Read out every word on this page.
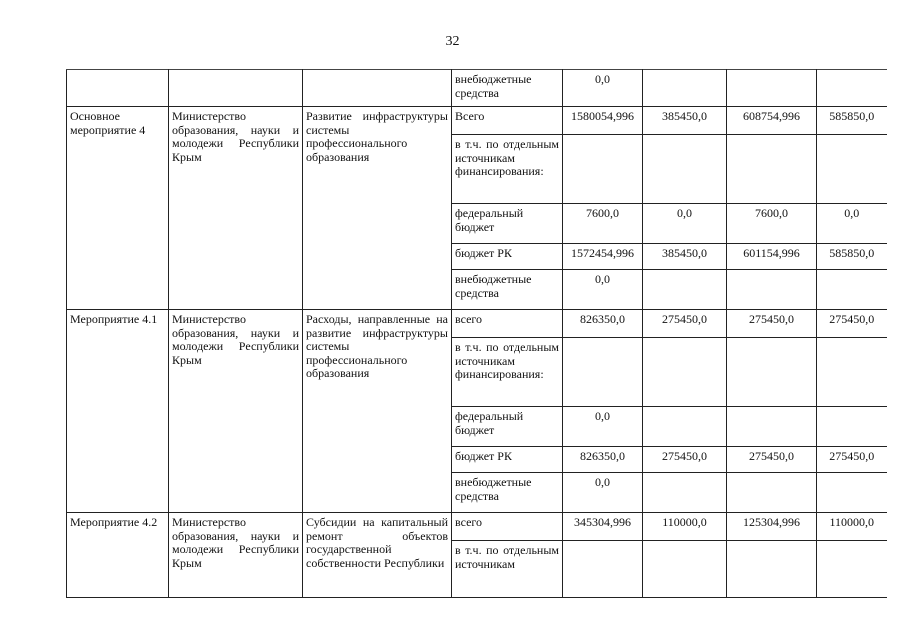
32
			внебюджетные средства	0,0			
Основное мероприятие 4	Министерство образования, науки и молодежи Республики Крым	Развитие инфраструктуры системы профессионального образования	Всего	1580054,996	385450,0	608754,996	585850,0
			в т.ч. по отдельным источникам финансирования:				
			федеральный бюджет	7600,0	0,0	7600,0	0,0
			бюджет РК	1572454,996	385450,0	601154,996	585850,0
			внебюджетные средства	0,0			
Мероприятие 4.1	Министерство образования, науки и молодежи Республики Крым	Расходы, направленные на развитие инфраструктуры системы профессионального образования	всего	826350,0	275450,0	275450,0	275450,0
			в т.ч. по отдельным источникам финансирования:				
			федеральный бюджет	0,0			
			бюджет РК	826350,0	275450,0	275450,0	275450,0
			внебюджетные средства	0,0			
Мероприятие 4.2	Министерство образования, науки и молодежи Республики Крым	Субсидии на капитальный ремонт объектов государственной собственности Республики	всего	345304,996	110000,0	125304,996	110000,0
			в т.ч. по отдельным источникам				
